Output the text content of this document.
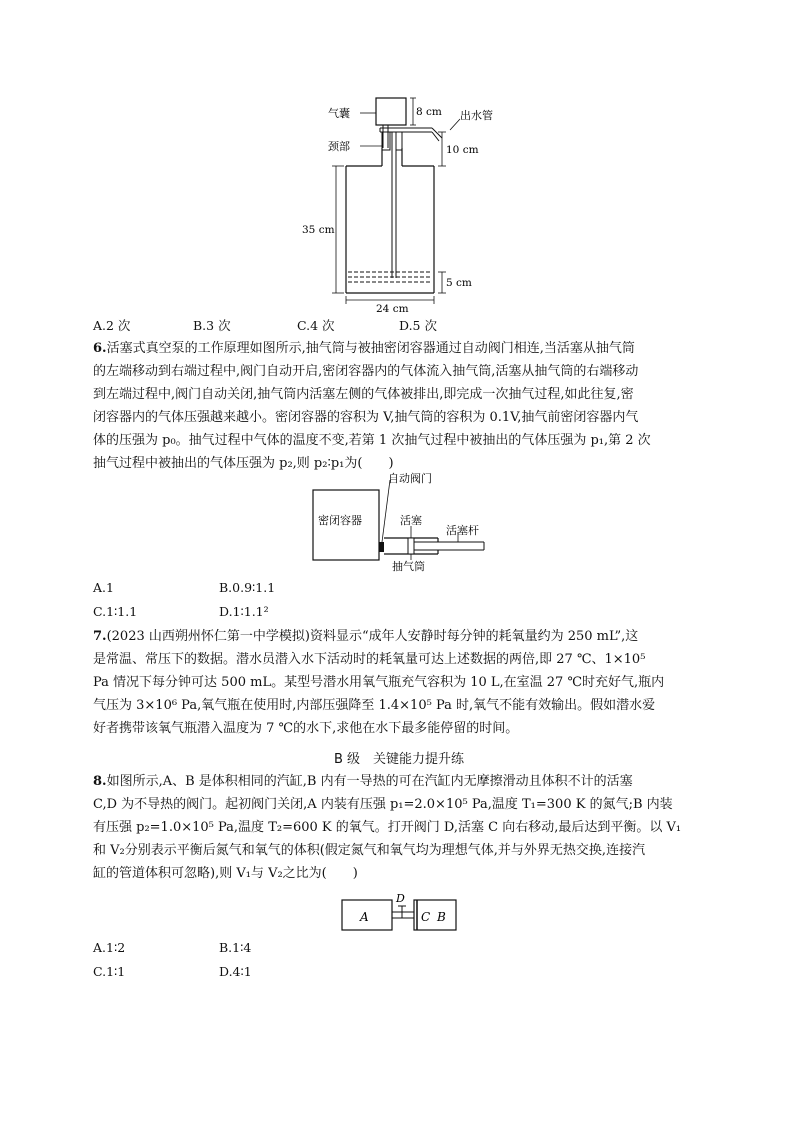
气囊
颈部
出水管
8 cm
10 cm
35 cm
5 cm
24 cm
A.2 次	B.3 次	C.4 次	D.5 次
6.活塞式真空泵的工作原理如图所示,抽气筒与被抽密闭容器通过自动阀门相连,当活塞从抽气筒
的左端移动到右端过程中,阀门自动开启,密闭容器内的气体流入抽气筒,活塞从抽气筒的右端移动
到左端过程中,阀门自动关闭,抽气筒内活塞左侧的气体被排出,即完成一次抽气过程,如此往复,密
闭容器内的气体压强越来越小。密闭容器的容积为 V,抽气筒的容积为 0.1V,抽气前密闭容器内气
体的压强为 p₀。抽气过程中气体的温度不变,若第 1 次抽气过程中被抽出的气体压强为 p₁,第 2 次
抽气过程中被抽出的气体压强为 p₂,则 p₂∶p₁为(　　)
密闭容器
自动阀门
活塞
活塞杆
抽气筒
A.1	B.0.9∶1.1
C.1∶1.1	D.1∶1.1²
7.(2023 山西朔州怀仁第一中学模拟)资料显示“成年人安静时每分钟的耗氧量约为 250 mL”,这
是常温、常压下的数据。潜水员潜入水下活动时的耗氧量可达上述数据的两倍,即 27 ℃、1×10⁵
Pa 情况下每分钟可达 500 mL。某型号潜水用氧气瓶充气容积为 10 L,在室温 27 ℃时充好气,瓶内
气压为 3×10⁶ Pa,氧气瓶在使用时,内部压强降至 1.4×10⁵ Pa 时,氧气不能有效输出。假如潜水爱
好者携带该氧气瓶潜入温度为 7 ℃的水下,求他在水下最多能停留的时间。
B 级　关键能力提升练
8.如图所示,A、B 是体积相同的汽缸,B 内有一导热的可在汽缸内无摩擦滑动且体积不计的活塞
C,D 为不导热的阀门。起初阀门关闭,A 内装有压强 p₁=2.0×10⁵ Pa,温度 T₁=300 K 的氮气;B 内装
有压强 p₂=1.0×10⁵ Pa,温度 T₂=600 K 的氧气。打开阀门 D,活塞 C 向右移动,最后达到平衡。以 V₁
和 V₂分别表示平衡后氮气和氧气的体积(假定氮气和氧气均为理想气体,并与外界无热交换,连接汽
缸的管道体积可忽略),则 V₁与 V₂之比为(　　)
A
D
C B
A.1∶2	B.1∶4
C.1∶1	D.4∶1
